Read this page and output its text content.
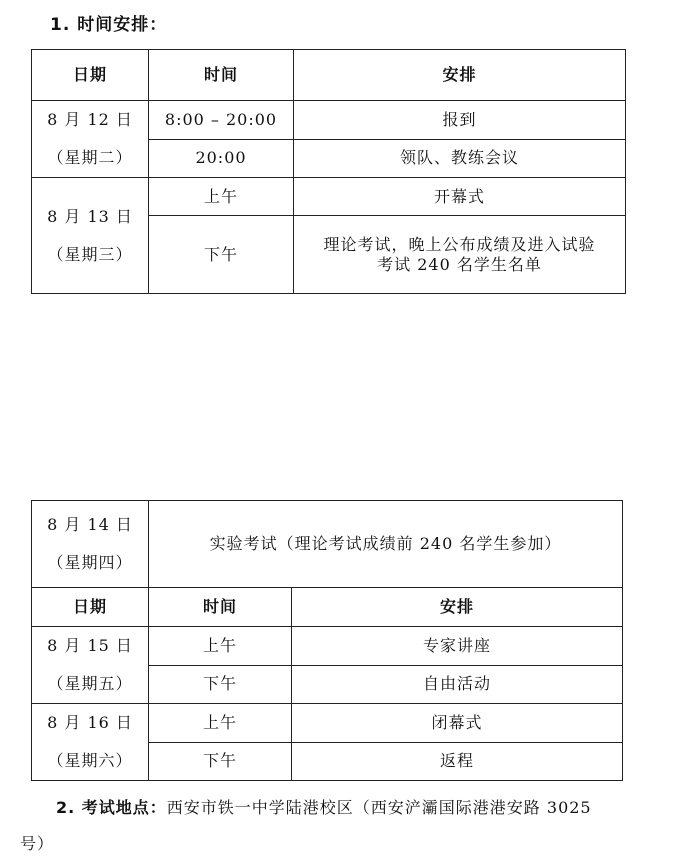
1. 时间安排：
日期	时间	安排

8 月 12 日
（星期二）	8:00 – 20:00	报到
	20:00	领队、教练会议

8 月 13 日
（星期三）	上午	开幕式
	下午	理论考试，晚上公布成绩及进入试验
考试 240 名学生名单
8 月 14 日
（星期四）	实验考试（理论考试成绩前 240 名学生参加）	
日期	时间	安排

8 月 15 日
（星期五）	上午	专家讲座
	下午	自由活动

8 月 16 日
（星期六）	上午	闭幕式
	下午	返程
2. 考试地点：西安市铁一中学陆港校区（西安浐灞国际港港安路 3025
号）
